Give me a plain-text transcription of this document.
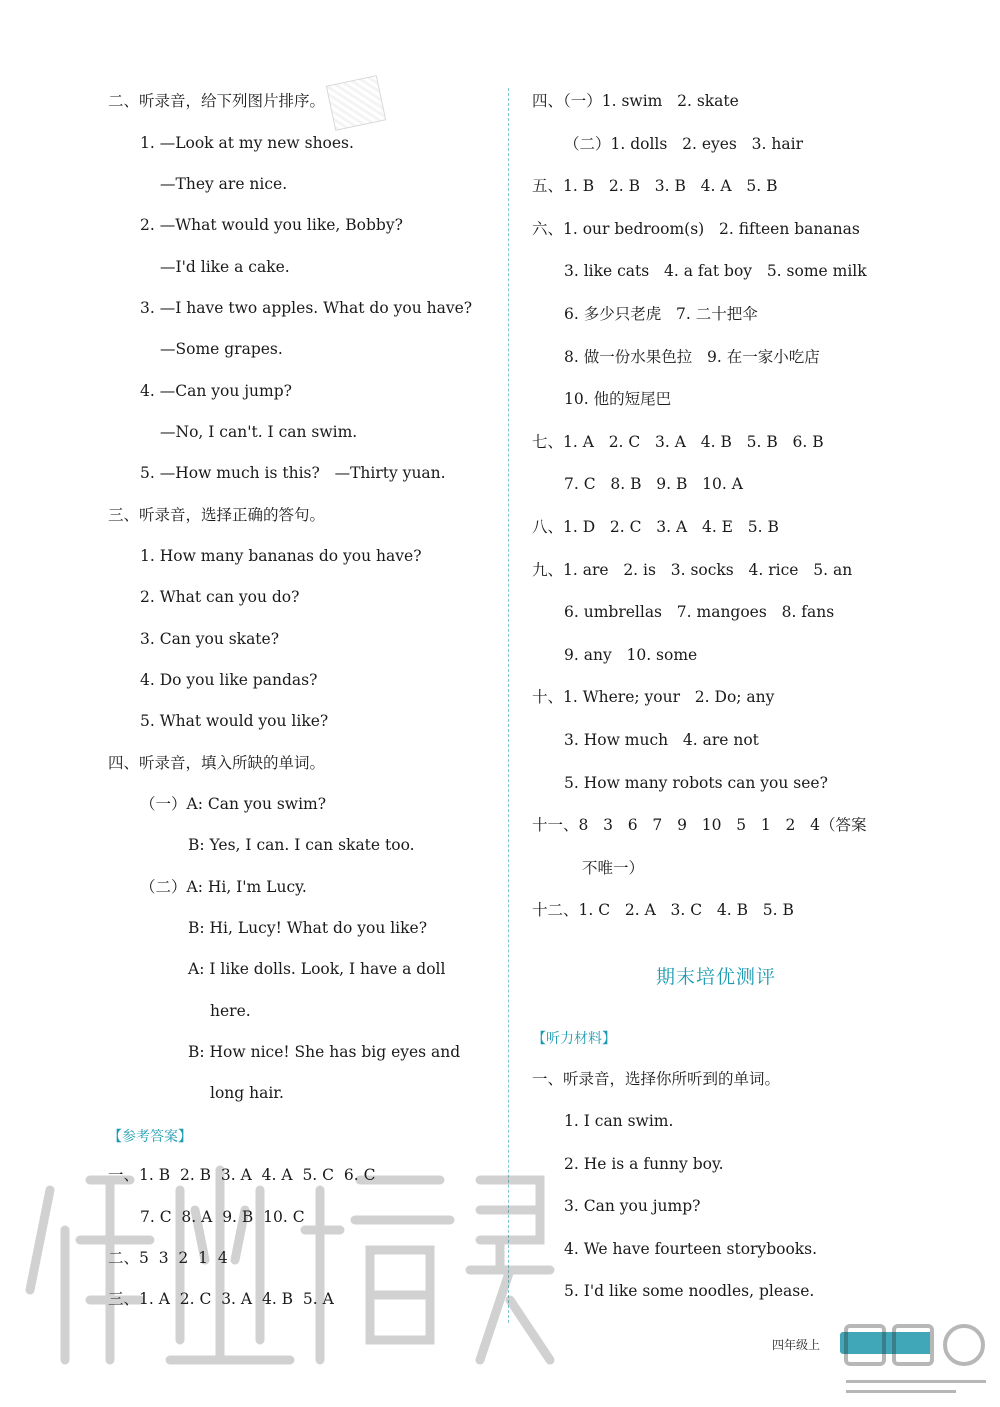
二、听录音，给下列图片排序。
1. —Look at my new shoes.
—They are nice.
2. —What would you like, Bobby?
—I'd like a cake.
3. —I have two apples. What do you have?
—Some grapes.
4. —Can you jump?
—No, I can't. I can swim.
5. —How much is this?   —Thirty yuan.
三、听录音，选择正确的答句。
1. How many bananas do you have?
2. What can you do?
3. Can you skate?
4. Do you like pandas?
5. What would you like?
四、听录音，填入所缺的单词。
（一）A: Can you swim?
B: Yes, I can. I can skate too.
（二）A: Hi, I'm Lucy.
B: Hi, Lucy! What do you like?
A: I like dolls. Look, I have a doll
here.
B: How nice! She has big eyes and
long hair.
【参考答案】
一、1. B  2. B  3. A  4. A  5. C  6. C
7. C  8. A  9. B  10. C
二、5  3  2  1  4
三、1. A  2. C  3. A  4. B  5. A
四、（一）1. swim   2. skate
（二）1. dolls   2. eyes   3. hair
五、1. B   2. B   3. B   4. A   5. B
六、1. our bedroom(s)   2. fifteen bananas
3. like cats   4. a fat boy   5. some milk
6. 多少只老虎   7. 二十把伞
8. 做一份水果色拉   9. 在一家小吃店
10. 他的短尾巴
七、1. A   2. C   3. A   4. B   5. B   6. B
7. C   8. B   9. B   10. A
八、1. D   2. C   3. A   4. E   5. B
九、1. are   2. is   3. socks   4. rice   5. an
6. umbrellas   7. mangoes   8. fans
9. any   10. some
十、1. Where; your   2. Do; any
3. How much   4. are not
5. How many robots can you see?
十一、8   3   6   7   9   10   5   1   2   4（答案
不唯一）
十二、1. C   2. A   3. C   4. B   5. B
期末培优测评
【听力材料】
一、听录音，选择你所听到的单词。
1. I can swim.
2. He is a funny boy.
3. Can you jump?
4. We have fourteen storybooks.
5. I'd like some noodles, please.
四年级上
